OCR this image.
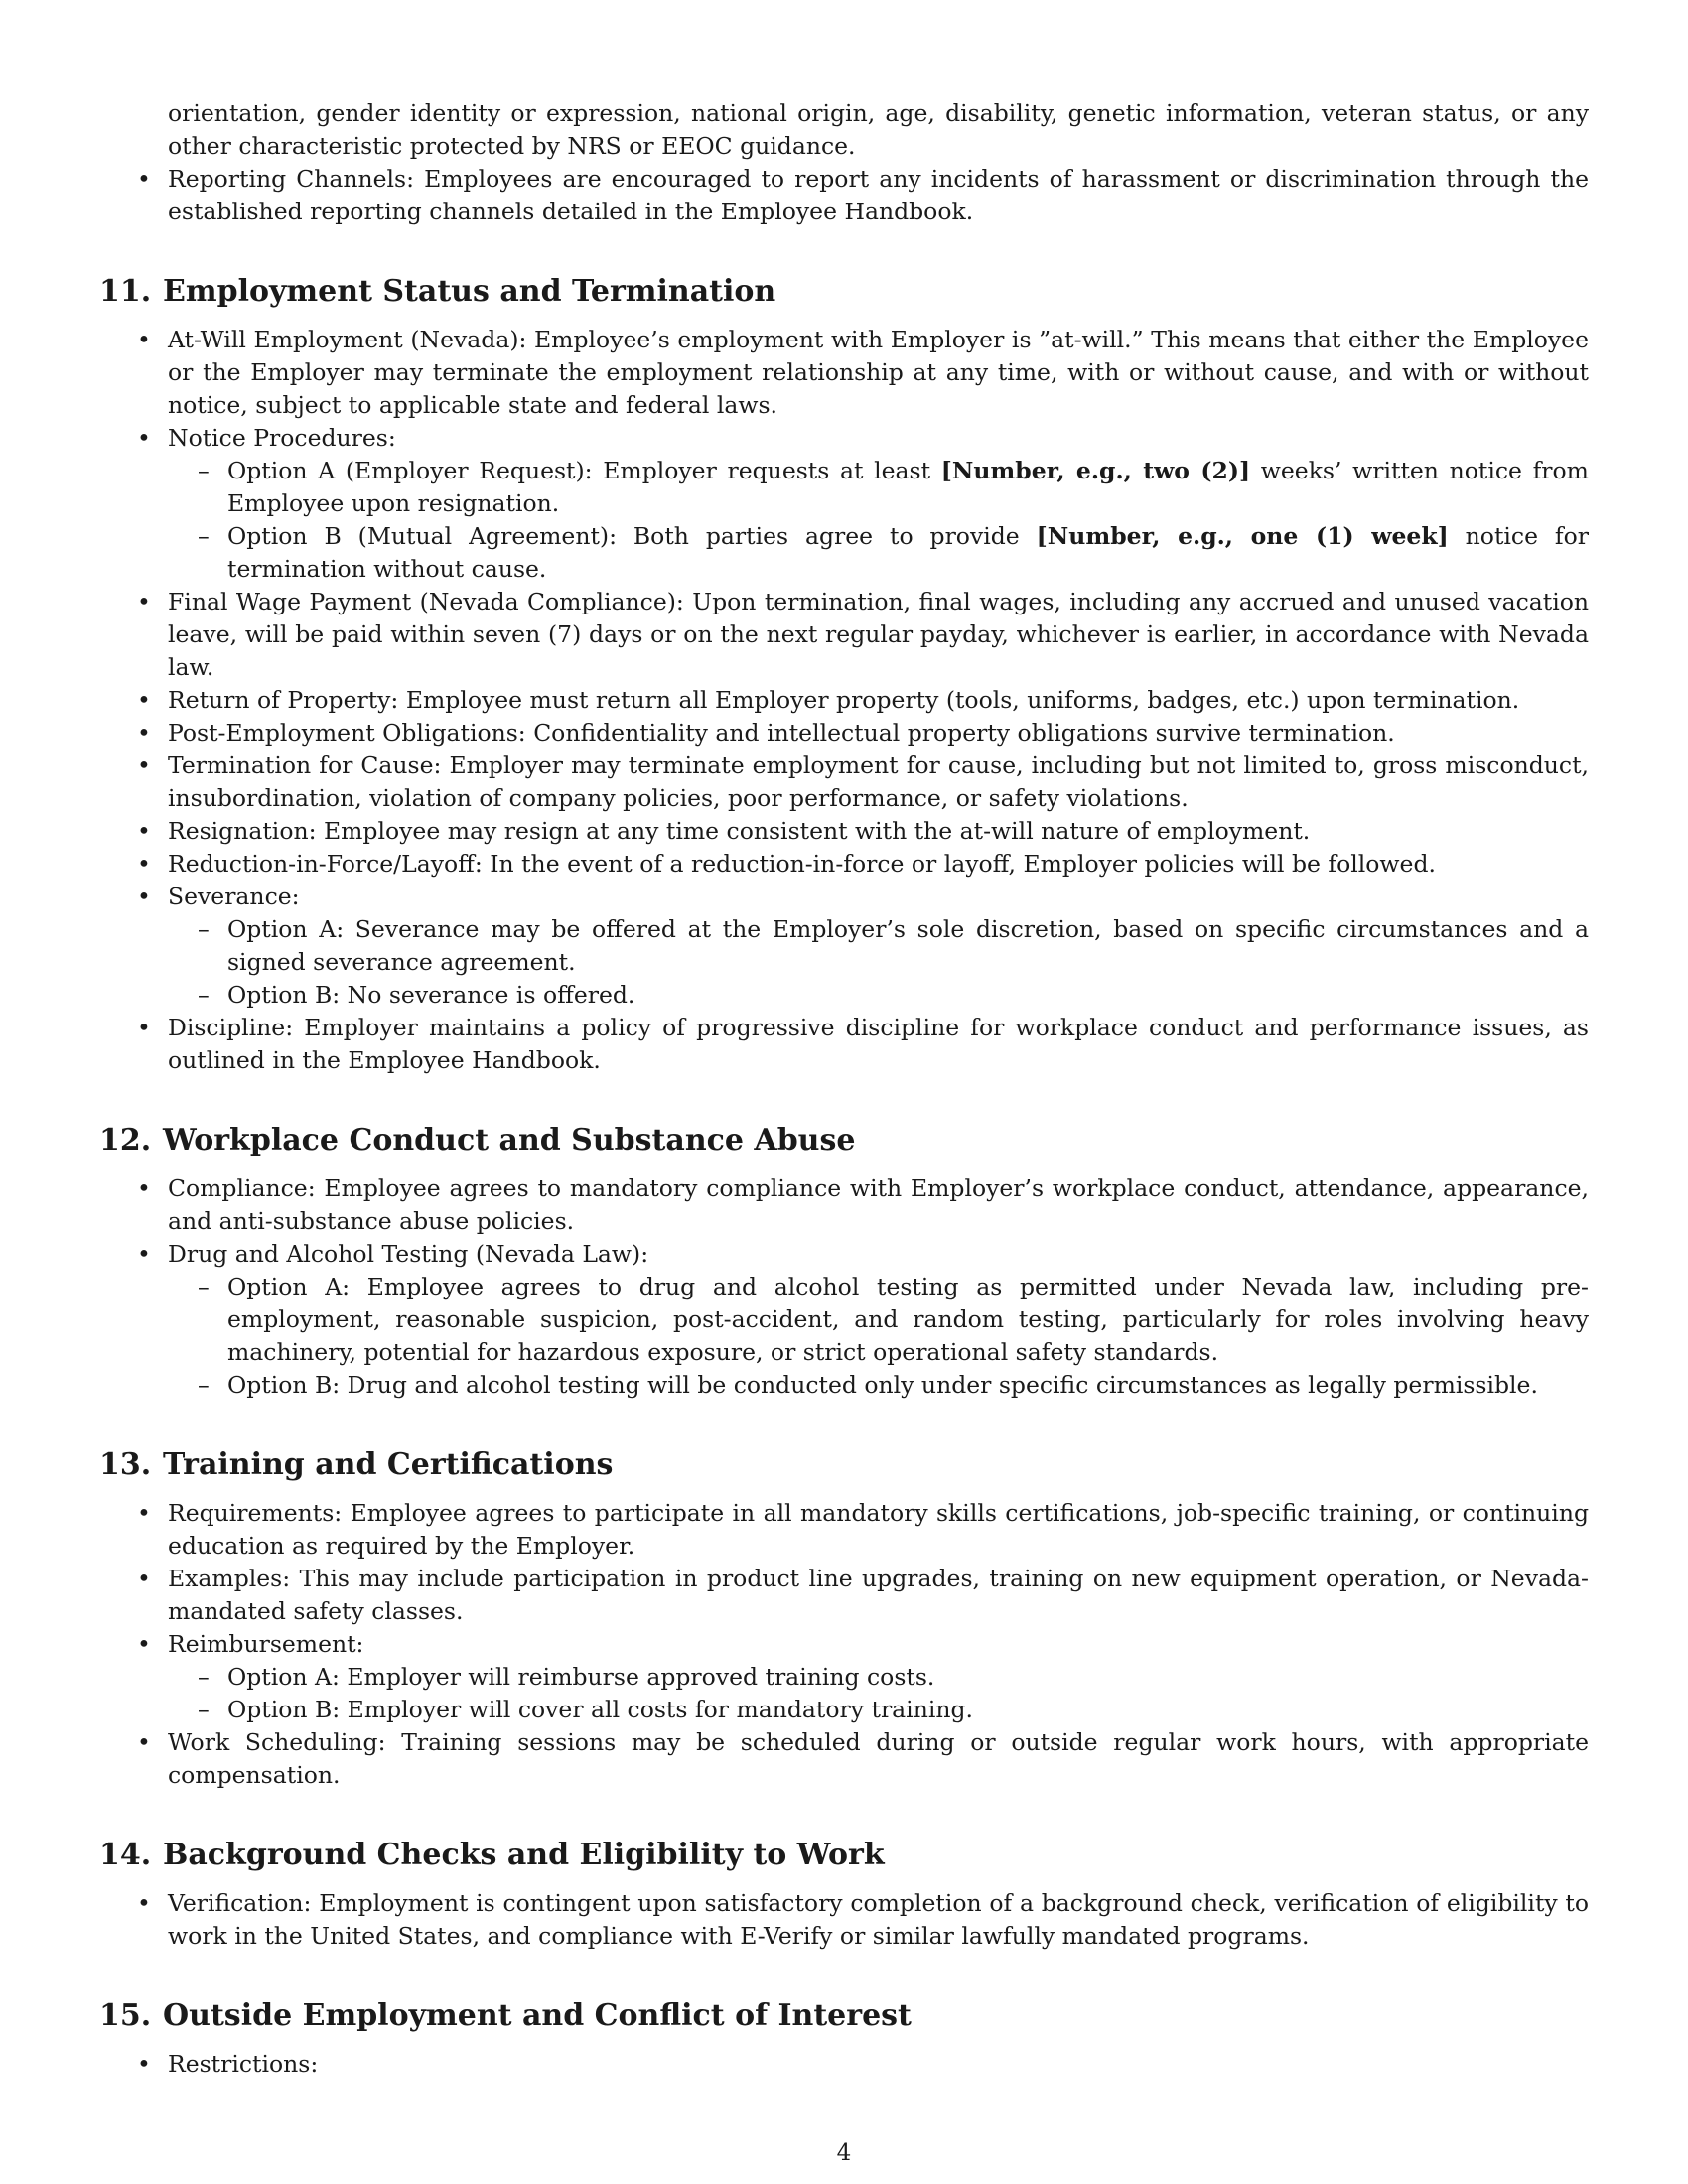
orientation, gender identity or expression, national origin, age, disability, genetic information, veteran status, or any other characteristic protected by NRS or EEOC guidance.
• Reporting Channels: Employees are encouraged to report any incidents of harassment or discrimination through the established reporting channels detailed in the Employee Handbook.
11. Employment Status and Termination
• At-Will Employment (Nevada): Employee’s employment with Employer is ”at-will.” This means that either the Employee or the Employer may terminate the employment relationship at any time, with or without cause, and with or without notice, subject to applicable state and federal laws.
• Notice Procedures:
– Option A (Employer Request): Employer requests at least [Number, e.g., two (2)] weeks’ written notice from Employee upon resignation.
– Option B (Mutual Agreement): Both parties agree to provide [Number, e.g., one (1) week] notice for termination without cause.
• Final Wage Payment (Nevada Compliance): Upon termination, final wages, including any accrued and unused vacation leave, will be paid within seven (7) days or on the next regular payday, whichever is earlier, in accordance with Nevada law.
• Return of Property: Employee must return all Employer property (tools, uniforms, badges, etc.) upon termination.
• Post-Employment Obligations: Confidentiality and intellectual property obligations survive termination.
• Termination for Cause: Employer may terminate employment for cause, including but not limited to, gross misconduct, insubordination, violation of company policies, poor performance, or safety violations.
• Resignation: Employee may resign at any time consistent with the at-will nature of employment.
• Reduction-in-Force/Layoff: In the event of a reduction-in-force or layoff, Employer policies will be followed.
• Severance:
– Option A: Severance may be offered at the Employer’s sole discretion, based on specific circumstances and a signed severance agreement.
– Option B: No severance is offered.
• Discipline: Employer maintains a policy of progressive discipline for workplace conduct and performance issues, as outlined in the Employee Handbook.
12. Workplace Conduct and Substance Abuse
• Compliance: Employee agrees to mandatory compliance with Employer’s workplace conduct, attendance, appearance, and anti-substance abuse policies.
• Drug and Alcohol Testing (Nevada Law):
– Option A: Employee agrees to drug and alcohol testing as permitted under Nevada law, including pre-employment, reasonable suspicion, post-accident, and random testing, particularly for roles involving heavy machinery, potential for hazardous exposure, or strict operational safety standards.
– Option B: Drug and alcohol testing will be conducted only under specific circumstances as legally permissible.
13. Training and Certifications
• Requirements: Employee agrees to participate in all mandatory skills certifications, job-specific training, or continuing education as required by the Employer.
• Examples: This may include participation in product line upgrades, training on new equipment operation, or Nevada-mandated safety classes.
• Reimbursement:
– Option A: Employer will reimburse approved training costs.
– Option B: Employer will cover all costs for mandatory training.
• Work Scheduling: Training sessions may be scheduled during or outside regular work hours, with appropriate compensation.
14. Background Checks and Eligibility to Work
• Verification: Employment is contingent upon satisfactory completion of a background check, verification of eligibility to work in the United States, and compliance with E-Verify or similar lawfully mandated programs.
15. Outside Employment and Conflict of Interest
• Restrictions:
4
